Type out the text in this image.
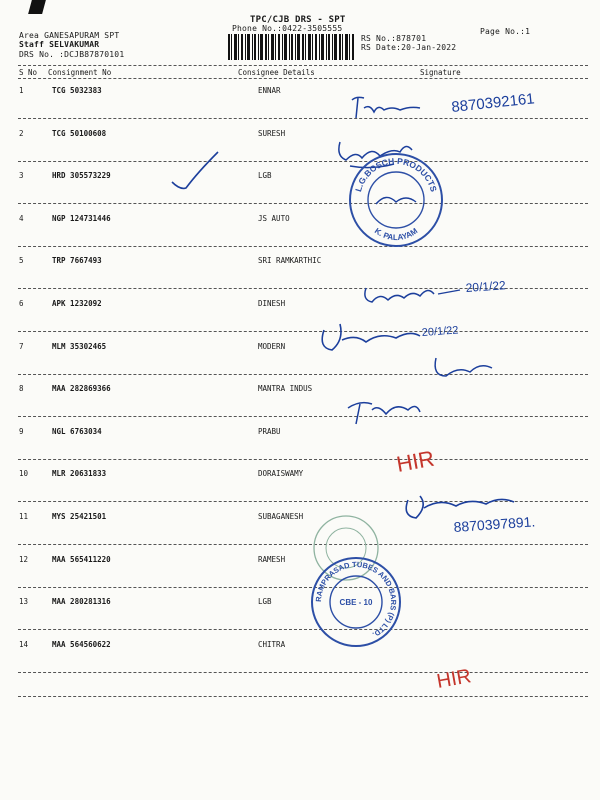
TPC/CJB DRS - SPT
Phone No.:0422-3505555	Page No.:1
Area GANESAPURAM SPT
Staff SELVAKUMAR
DRS No. :DCJB87870101
RS No.:878701
RS Date:20-Jan-2022
S No Consignment No	Consignee Details	Signature
1	TCG 5032383	ENNAR
2	TCG 50100608	SURESH
3	HRD 305573229	LGB
4	NGP 124731446	JS AUTO
5	TRP 7667493	SRI RAMKARTHIC
6	APK 1232092	DINESH
7	MLM 35302465	MODERN
8	MAA 282869366	MANTRA INDUS
9	NGL 6763034	PRABU
10	MLR 20631833	DORAISWAMY
11	MYS 25421501	SUBAGANESH
12	MAA 565411220	RAMESH
13	MAA 280281316	LGB
14	MAA 564560622	CHITRA
8870392161
20/1/22
20/1/22
HIR
8870397891.
HIR
L.G.BOSCH PRODUCTS
K. PALAYAM
RAMPRASAD TUBES AND BARS (P) LTD.
CBE - 10
